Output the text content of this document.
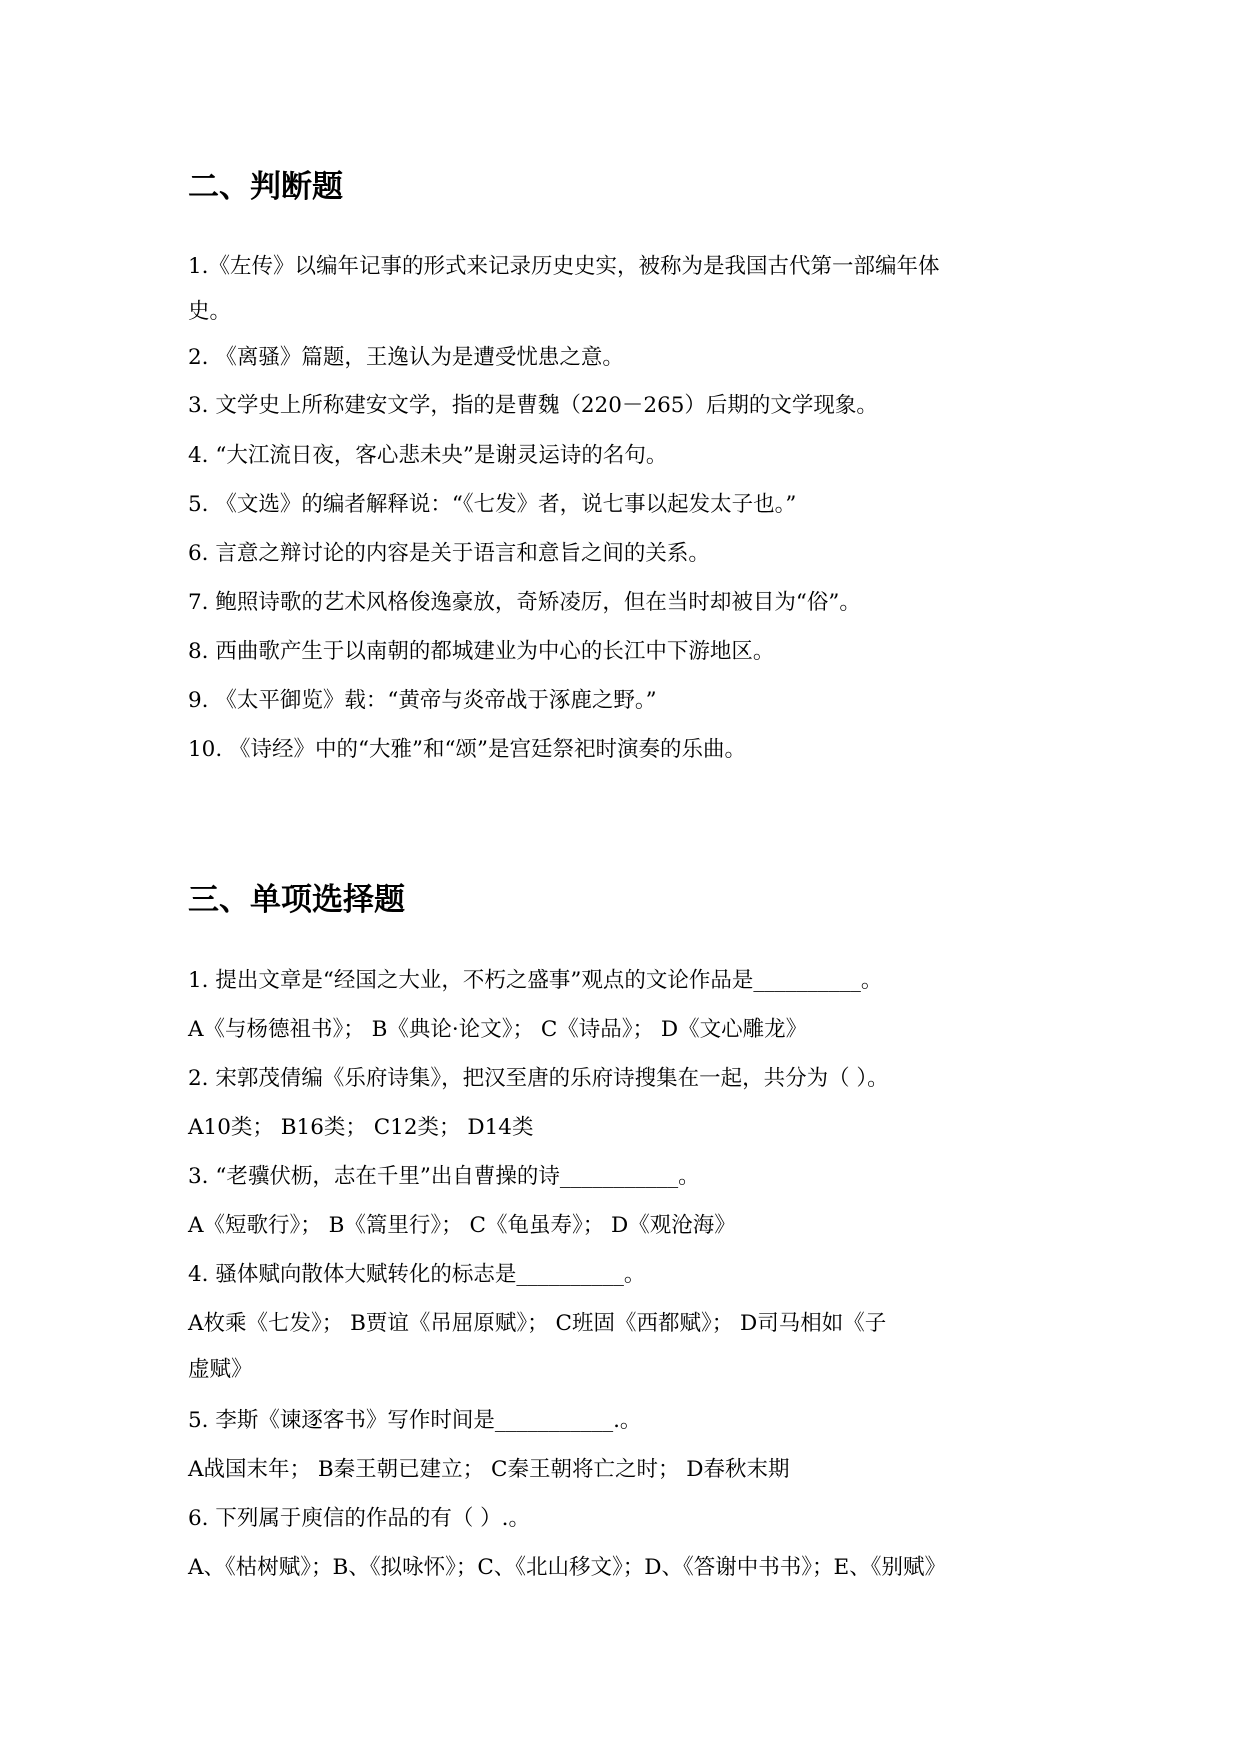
二、判断题

1.《左传》以编年记事的形式来记录历史史实，被称为是我国古代第一部编年体

史。

2. 《离骚》篇题，王逸认为是遭受忧患之意。

3. 文学史上所称建安文学，指的是曹魏（220－265）后期的文学现象。

4. “大江流日夜，客心悲未央”是谢灵运诗的名句。

5. 《文选》的编者解释说：“《七发》者，说七事以起发太子也。”

6. 言意之辩讨论的内容是关于语言和意旨之间的关系。

7. 鲍照诗歌的艺术风格俊逸豪放，奇矫凌厉，但在当时却被目为“俗”。

8. 西曲歌产生于以南朝的都城建业为中心的长江中下游地区。

9. 《太平御览》载：“黄帝与炎帝战于涿鹿之野。”

10. 《诗经》中的“大雅”和“颂”是宫廷祭祀时演奏的乐曲。

三、单项选择题

1. 提出文章是“经国之大业，不朽之盛事”观点的文论作品是__________。

A《与杨德祖书》； B《典论·论文》； C《诗品》； D《文心雕龙》

2. 宋郭茂倩编《乐府诗集》，把汉至唐的乐府诗搜集在一起，共分为（ ）。

A10类； B16类； C12类； D14类

3. “老骥伏枥，志在千里”出自曹操的诗___________。

A《短歌行》； B《篙里行》； C《龟虽寿》； D《观沧海》

4. 骚体赋向散体大赋转化的标志是__________。

A枚乘《七发》； B贾谊《吊屈原赋》； C班固《西都赋》； D司马相如《子

虚赋》

5. 李斯《谏逐客书》写作时间是___________.。

A战国末年； B秦王朝已建立； C秦王朝将亡之时； D春秋末期

6. 下列属于庾信的作品的有（ ）.。

A、《枯树赋》；B、《拟咏怀》；C、《北山移文》；D、《答谢中书书》；E、《别赋》
